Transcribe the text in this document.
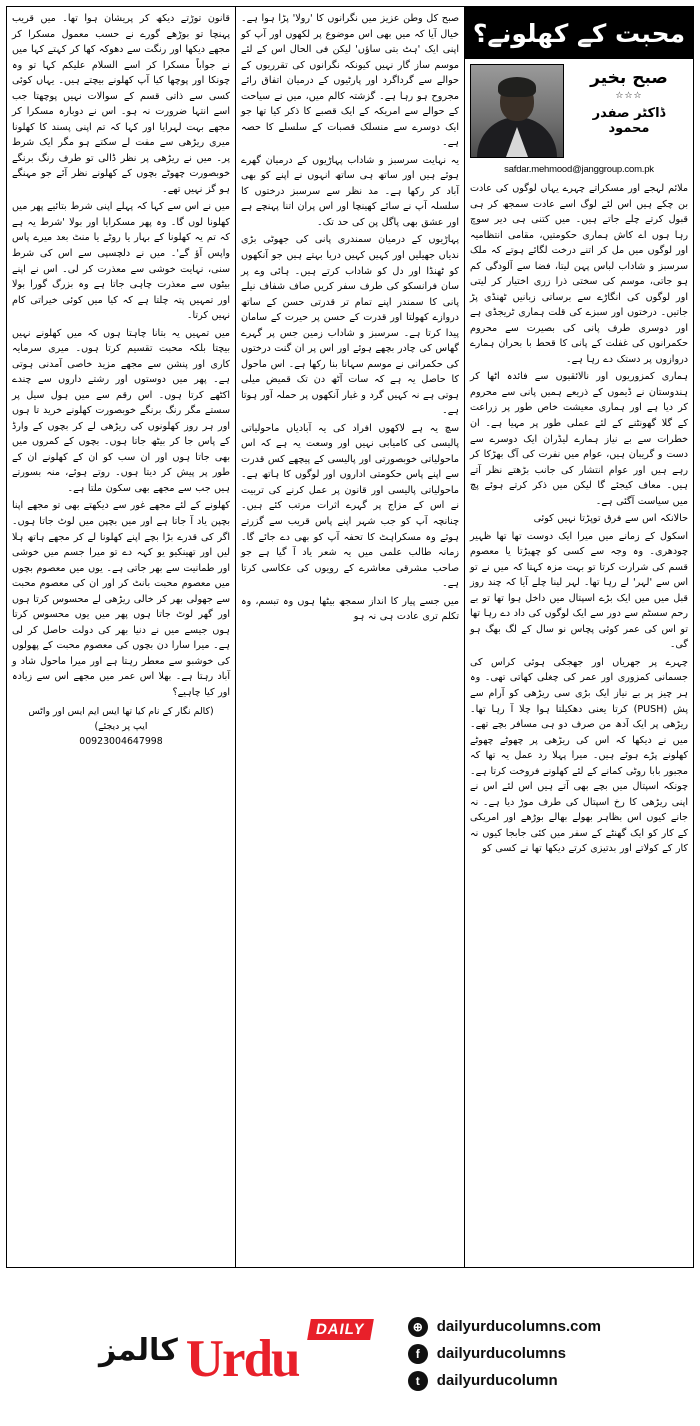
محبت کے کھلونے؟
صبح بخیر
☆☆☆
ڈاکٹر صفدر محمود
safdar.mehmood@janggroup.com.pk

ملائم لہجے اور مسکراتے چہرے یہاں لوگوں کی عادت بن چکے ہیں اس لئے لوگ اسے عادت سمجھ کر ہی قبول کرتے چلے جاتے ہیں۔ میں کتنی ہی دیر سوچ رہا ہوں اے کاش ہماری حکومتیں، مقامی انتظامیہ اور لوگوں میں مل کر اتنے درخت لگائے ہوتے کہ ملک سرسبز و شاداب لباس پہن لیتا، فضا سے آلودگی کم ہو جاتی، موسم کی سختی ذرا زری اختیار کر لیتی اور لوگوں کی انگاڑے سے برساتی زبانیں ٹھنڈی پڑ جاتیں۔ درختوں اور سبزے کی قلت ہماری ٹریجڈی ہے اور دوسری طرف پانی کی بصیرت سے محروم حکمرانوں کی غفلت کے پانی کا قحط با بحران ہمارے دروازوں پر دستک دے رہا ہے۔

ہماری کمزوریوں اور نالائقیوں سے فائدہ اٹھا کر ہندوستان نے ڈیموں کے ذریعے ہمیں پانی سے محروم کر دیا ہے اور ہماری معیشت خاص طور پر زراعت کے گلا گھونٹنے کے لئے عملی طور پر مہیا ہے۔ ان خطرات سے بے نیاز ہمارے لیڈران ایک دوسرے سے دست و گریبان ہیں، عوام میں نفرت کی آگ بھڑکا کر رہے ہیں اور عوام انتشار کی جانب بڑھتے نظر آتے ہیں۔ معاف کیجئے گا لیکن میں ذکر کرتے ہوئے پچ میں سیاست آگئی ہے۔

حالانکہ اس سے فرق توپڑتا نہیں کوئی

اسکول کے زمانے میں میرا ایک دوست تھا تھا ظہیر چودھری۔ وہ وجہ سے کسی کو چھیڑتا یا معصوم قسم کی شرارت کرتا تو بہت مزہ کہتا کہ میں نے تو اس سے 'لہر' لے رہا تھا۔ لہر لینا چلے آیا کہ چند روز قبل میں میں ایک بڑے اسپتال میں داخل ہوا تھا تو بے رحم سسٹم سے دور سے ایک لوگوں کی داد دے رہا تھا تو اس کی عمر کوئی پچاس نو سال کے لگ بھگ ہو گی۔

چہرے پر جھریاں اور جھجکی ہوئی کراس کی جسمانی کمزوری اور عمر کی چغلی کھاتی تھی۔ وہ ہر چیز پر بے نیاز ایک بڑی سی ریڑھی کو آرام سے پش (PUSH) کرتا یعنی دھکیلتا ہوا چلا آ رہا تھا۔ ریڑھی پر ایک آدھ من صرف دو ہی مسافر بچے تھے۔ میں نے دیکھا کہ اس کی ریڑھی پر چھوٹے چھوٹے کھلونے پڑے ہوئے ہیں۔ میرا پہلا رد عمل یہ تھا کہ مجبور بابا روٹی کمانے کے لئے کھلونے فروخت کرتا ہے۔ چونکہ اسپتال میں بچے بھی آتے ہیں اس لئے اس نے اپنی ریڑھی کا رخ اسپتال کی طرف موڑ دیا ہے۔ نہ جانے کیوں اس بظاہر بھولے بھالے بوڑھے اور امریکی کے کار کو ایک گھنٹے کے سفر میں کئی جابجا کیوں نہ کار کے کولاتے اور بدتیزی کرتے دیکھا تھا نے کسی کو

صبح کل وطن عزیز میں نگرانوں کا 'رولا' پڑا ہوا ہے۔ خیال آیا کہ میں بھی اس موضوع پر لکھوں اور آپ کو اپنی ایک 'ہٹ بتی ساؤں' لیکن فی الحال اس کے لئے موسم ساز گار نہیں کیونکہ نگرانوں کی تقرریوں کے حوالے سے گرداگرد اور پارٹیوں کے درمیان اتفاق رائے مجروح ہو رہا ہے۔ گزشتہ کالم میں، میں نے سیاحت کے حوالے سے امریکہ کے ایک قصبے کا ذکر کیا تھا جو ایک دوسرے سے منسلک قصبات کے سلسلے کا حصہ ہے۔

یہ نہایت سرسبز و شاداب پہاڑیوں کے درمیان گھرے ہوئے ہیں اور ساتھ ہی ساتھ انہوں نے اپنے کو بھی آباد کر رکھا ہے۔ مد نظر سے سرسبز درختوں کا سلسلہ آپ نے سائے کھینچا اور اس پران اتنا پہنچے ہے اور عشق بھی پاگل پن کی حد تک۔

پہاڑیوں کے درمیان سمندری پانی کی جھوٹی بڑی ندیاں جھیلیں اور کہیں کہیں دریا بہتے ہیں جو آنکھوں کو ٹھنڈا اور دل کو شاداب کرتے ہیں۔ ہائی وے پر سان فرانسکو کی طرف سفر کریں صاف شفاف نیلے پانی کا سمندر اپنے تمام تر قدرتی حسن کے ساتھ دروازے کھولتا اور قدرت کے حسن پر حیرت کے سامان پیدا کرتا ہے۔ سرسبز و شاداب زمین جس پر گہرے گھاس کی چادر بچھے ہوئے اور اس پر ان گنت درختوں کی حکمرانی نے موسم سہانا بنا رکھا ہے۔ اس ماحول کا حاصل یہ ہے کہ سات آٹھ دن تک قمیض میلی ہوتی ہے نہ کہیں گرد و غبار آنکھوں پر حملہ آور ہوتا ہے۔

سچ یہ ہے لاکھوں افراد کی یہ آبادیاں ماحولیاتی پالیسی کی کامیابی نہیں اور وسعت یہ ہے کہ اس ماحولیاتی خوبصورتی اور پالیسی کے پیچھے کس قدرت سے اپنے پاس حکومتی اداروں اور لوگوں کا ہاتھ ہے۔ ماحولیاتی پالیسی اور قانون پر عمل کرنے کی تربیت نے اس کے مزاج پر گہرے اثرات مرتب کئے ہیں۔ چنانچہ آپ کو جب شہر اپنے پاس قریب سے گزرتے ہوئے وہ مسکراہٹ کا تحفہ آپ کو بھی دے جائے گا۔ زمانہ طالب علمی میں یہ شعر یاد آ گیا ہے جو صاحب مشرقی معاشرے کے رویوں کی عکاسی کرتا ہے۔

میں جسے پیار کا انداز سمجھ بیٹھا ہوں وہ تبسم، وہ تکلم تری عادت ہی نہ ہو

قانون توڑتے دیکھ کر پریشان ہوا تھا۔ میں قریب پہنچا تو بوڑھے گورے نے حسب معمول مسکرا کر مجھے دیکھا اور رنگت سے دھوکہ کھا کر کہتے کہا میں نے جواباً مسکرا کر اسے السلام علیکم کہا تو وہ چونکا اور پوچھا کیا آپ کھلونے بیچتے ہیں۔ یہاں کوئی کسی سے ذاتی قسم کے سوالات نہیں پوچھتا جب اسے انتہا ضرورت نہ ہو۔ اس نے دوبارہ مسکرا کر مجھے بہت لہرایا اور کہا کہ تم اپنی پسند کا کھلونا میری ریڑھی سے مفت لے سکتے ہو مگر ایک شرط پر۔ میں نے ریڑھی پر نظر ڈالی تو طرف رنگ برنگے خوبصورت چھوٹے بچوں کے کھلونے نظر آئے جو مہنگے ہو گز نہیں تھے۔

میں نے اس سے کہا کہ پہلے اپنی شرط بتائیے پھر میں کھلونا لوں گا۔ وہ پھر مسکرایا اور بولا 'شرط یہ ہے کہ تم یہ کھلونا کے بہار یا روٹے یا منٹ بعد میرے پاس واپس آؤ گے'۔ میں نے دلچسپی سے اس کی شرط سنی، نہایت خوشی سے معذرت کر لی۔ اس نے اپنے بیٹوں سے معذرت چاہی جاتا ہے وہ بزرگ گورا بولا اور تمہیں پتہ چلتا ہے کہ کیا میں کوئی خیراتی کام نہیں کرتا۔

میں تمہیں یہ بتانا چاہتا ہوں کہ میں کھلونے نہیں بیچتا بلکہ محبت تقسیم کرتا ہوں۔ میری سرمایہ کاری اور پنشن سے مجھے مزید خاصی آمدنی ہوتی ہے۔ پھر میں دوستوں اور رشتے داروں سے چندے اکٹھے کرتا ہوں۔ اس رقم سے میں ہول سیل پر سستے مگر رنگ برنگے خوبصورت کھلونے خرید تا ہوں اور ہر روز کھلونوں کی ریڑھی لے کر بچوں کے وارڈ کے پاس جا کر بیٹھ جاتا ہوں۔ بچوں کے کمروں میں بھی جاتا ہوں اور ان سب کو ان کے کھلونے ان کے طور پر پیش کر دیتا ہوں۔ روتے ہوئے، منہ بسورتے ہیں جب سے مجھے بھی سکون ملتا ہے۔

کھلونے کے لئے مجھے غور سے دیکھتے بھی تو مجھے اپنا بچپن یاد آ جاتا ہے اور میں بچپن میں لوٹ جاتا ہوں۔ اگر کی قدرے بڑا بچے اپنے کھلونا لے کر مجھے ہاتھ ہلا لیں اور تھینکیو یو کہہ دے تو میرا جسم میں خوشی اور طمانیت سے بھر جاتی ہے۔ یوں میں معصوم بچوں میں معصوم محبت بانٹ کر اور ان کی معصوم محبت سے جھولی بھر کر خالی ریڑھی لے محسوس کرتا ہوں اور گھر لوٹ جاتا ہوں پھر میں یوں محسوس کرتا ہوں جیسے میں نے دنیا بھر کی دولت حاصل کر لی ہے۔ میرا سارا دن بچوں کی معصوم محبت کے پھولوں کی خوشبو سے معطر رہتا ہے اور میرا ماحول شاد و آباد رہتا ہے۔ بھلا اس عمر میں مجھے اس سے زیادہ اور کیا چاہیے؟

(کالم نگار کے نام کیا تھا ایس ایم ایس اور واٹس
ایپ پر دیجئے)
00923004647998
کالمز
DAILY
Urdu
⊕ dailyurducolumns.com
f	dailyurducolumns
t	dailyurducolumn
